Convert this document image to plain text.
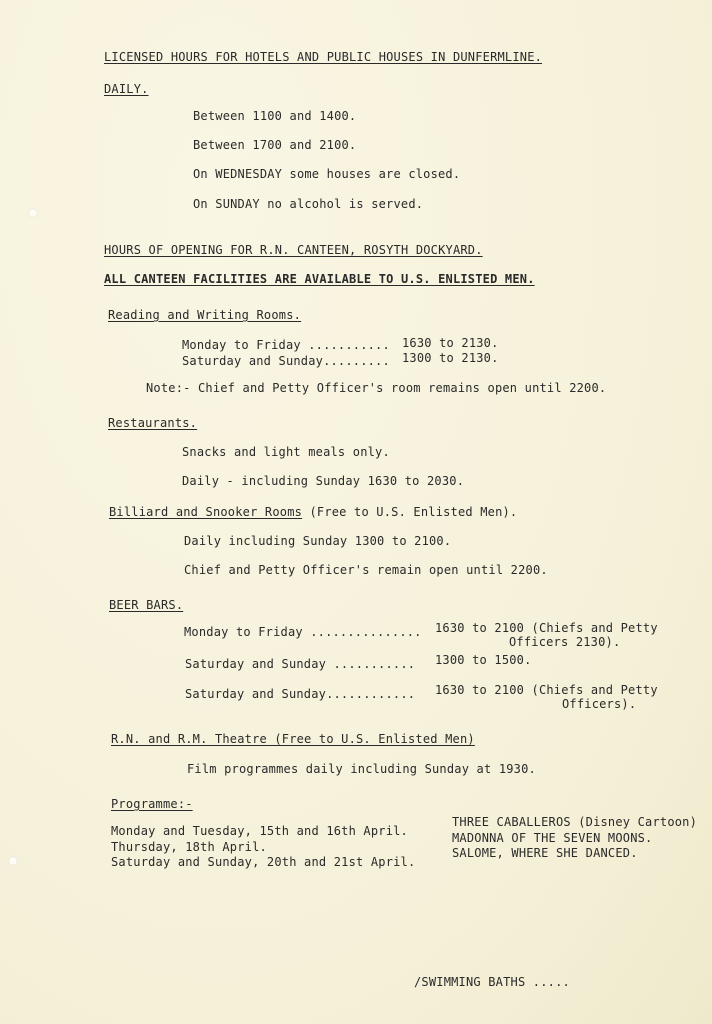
LICENSED HOURS FOR HOTELS AND PUBLIC HOUSES IN DUNFERMLINE.
DAILY.
Between 1100 and 1400.
Between 1700 and 2100.
On WEDNESDAY some houses are closed.
On SUNDAY no alcohol is served.
HOURS OF OPENING FOR R.N. CANTEEN, ROSYTH DOCKYARD.
ALL CANTEEN FACILITIES ARE AVAILABLE TO U.S. ENLISTED MEN.
Reading and Writing Rooms.
Monday to Friday ........... 1630 to 2130.
Saturday and Sunday......... 1300 to 2130.
Note:- Chief and Petty Officer's room remains open until 2200.
Restaurants.
Snacks and light meals only.
Daily - including Sunday 1630 to 2030.
Billiard and Snooker Rooms (Free to U.S. Enlisted Men).
Daily including Sunday 1300 to 2100.
Chief and Petty Officer's remain open until 2200.
BEER BARS.
Monday to Friday ............... 1630 to 2100 (Chiefs and Petty
Officers 2130).
Saturday and Sunday ........... 1300 to 1500.
Saturday and Sunday............ 1630 to 2100 (Chiefs and Petty
Officers).
R.N. and R.M. Theatre (Free to U.S. Enlisted Men)
Film programmes daily including Sunday at 1930.
Programme:-
Monday and Tuesday, 15th and 16th April.
Thursday, 18th April.
Saturday and Sunday, 20th and 21st April.
THREE CABALLEROS (Disney Cartoon)
MADONNA OF THE SEVEN MOONS.
SALOME, WHERE SHE DANCED.
/SWIMMING BATHS .....
